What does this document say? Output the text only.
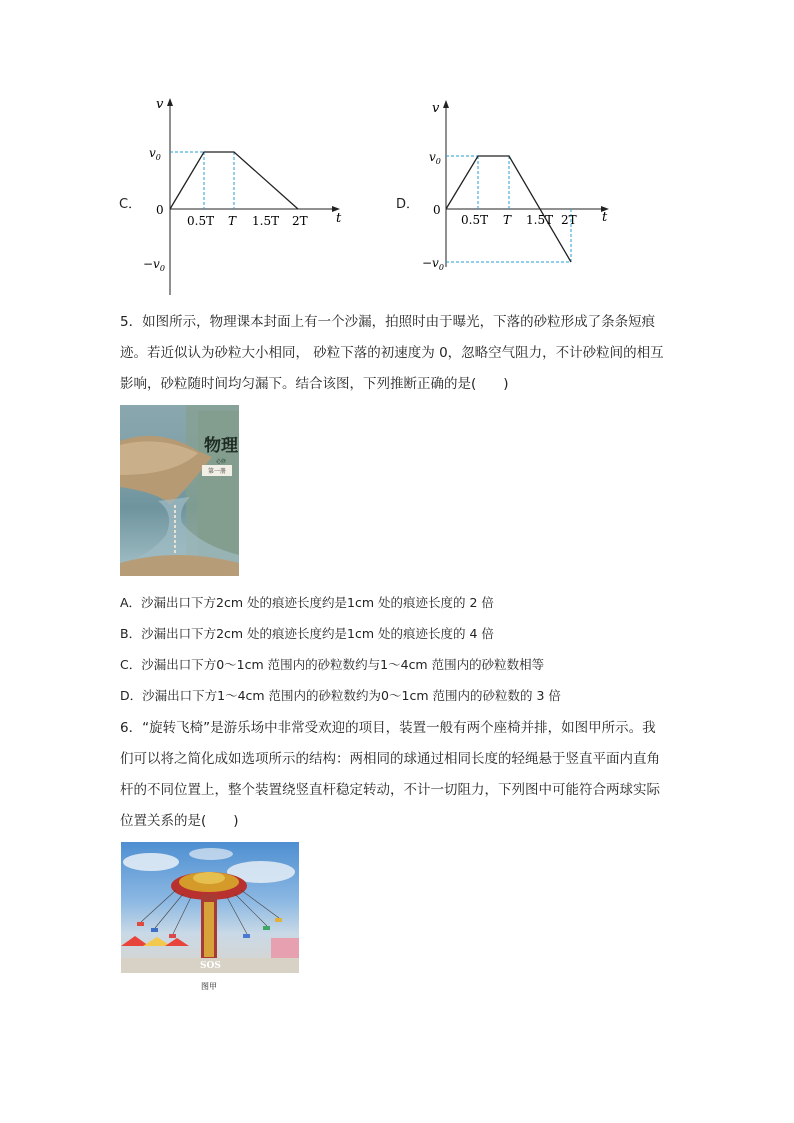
C．
v
t
0
$v_0$
$-v_0$
0.5T T 1.5T 2T
D．
v
t
0
$v_0$
$-v_0$
0.5T T 1.5T 2T
5．如图所示，物理课本封面上有一个沙漏，拍照时由于曝光，下落的砂粒形成了条条短痕
迹。若近似认为砂粒大小相同， 砂粒下落的初速度为 0，忽略空气阻力，不计砂粒间的相互
影响，砂粒随时间均匀漏下。结合该图，下列推断正确的是(　　)
物理
必修
第一册
A．沙漏出口下方2cm 处的痕迹长度约是1cm 处的痕迹长度的 2 倍
B．沙漏出口下方2cm 处的痕迹长度约是1cm 处的痕迹长度的 4 倍
C．沙漏出口下方0～1cm 范围内的砂粒数约与1～4cm 范围内的砂粒数相等
D．沙漏出口下方1～4cm 范围内的砂粒数约为0～1cm 范围内的砂粒数的 3 倍
6．“旋转飞椅”是游乐场中非常受欢迎的项目，装置一般有两个座椅并排，如图甲所示。我
们可以将之简化成如选项所示的结构：两相同的球通过相同长度的轻绳悬于竖直平面内直角
杆的不同位置上，整个装置绕竖直杆稳定转动，不计一切阻力，下列图中可能符合两球实际
位置关系的是(　　)
SOS
图甲
